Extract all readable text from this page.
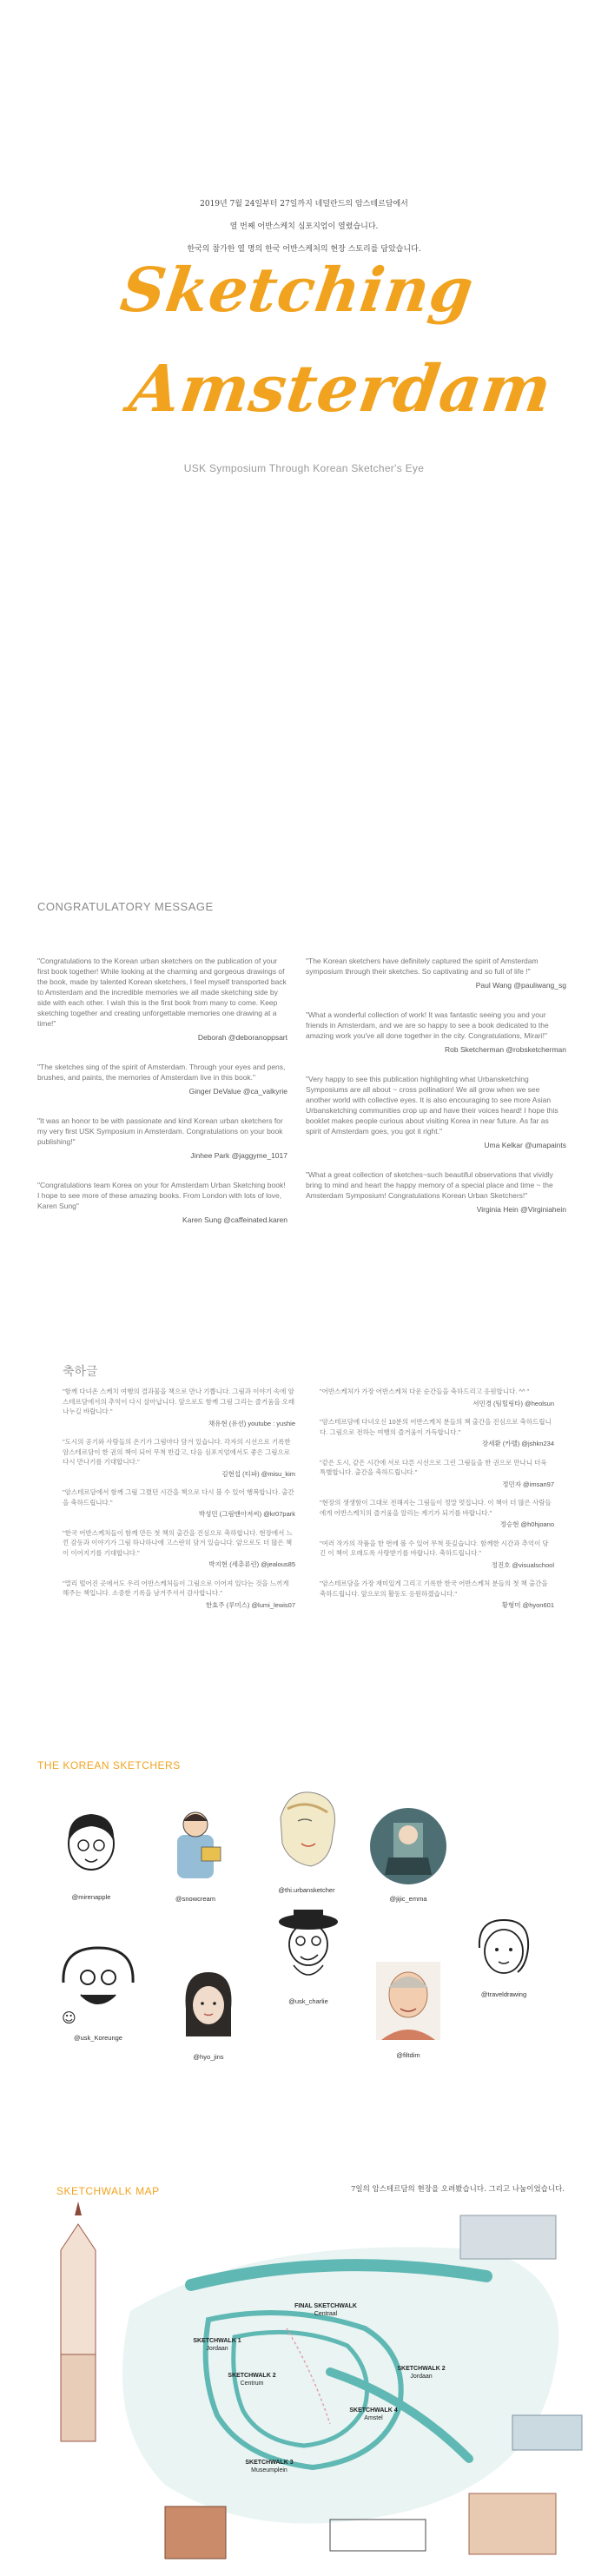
2019년 7월 24일부터 27일까지 네덜란드의 암스테르담에서
열 번째 어반스케치 심포지엄이 열렸습니다.
한국의 참가한 열 명의 한국 어반스케처의 현장 스토리를 담았습니다.
Sketching
Amsterdam
USK Symposium Through Korean Sketcher's Eye
CONGRATULATORY MESSAGE

"Congratulations to the Korean urban sketchers on the publication of your first book together! While looking at the charming and gorgeous drawings of the book, made by talented Korean sketchers, I feel myself transported back to Amsterdam and the incredible memories we all made sketching side by side with each other. I wish this is the first book from many to come. Keep sketching together and creating unforgettable memories one drawing at a time!"

Deborah @deboranoppsart

"The sketches sing of the spirit of Amsterdam. Through your eyes and pens, brushes, and paints, the memories of Amsterdam live in this book."

Ginger DeValue @ca_valkyrie

"It was an honor to be with passionate and kind Korean urban sketchers for my very first USK Symposium in Amsterdam. Congratulations on your book publishing!"

Jinhee Park @jaggyme_1017

"Congratulations team Korea on your for Amsterdam Urban Sketching book! I hope to see more of these amazing books. From London with lots of love, Karen Sung"

Karen Sung @caffeinated.karen

"The Korean sketchers have definitely captured the spirit of Amsterdam symposium through their sketches. So captivating and so full of life !"

Paul Wang @pauliwang_sg

"What a wonderful collection of work! It was fantastic seeing you and your friends in Amsterdam, and we are so happy to see a book dedicated to the amazing work you've all done together in the city. Congratulations, Mirari!"

Rob Sketcherman @robsketcherman

"Very happy to see this publication highlighting what Urbansketching Symposiums are all about ~ cross pollination! We all grow when we see another world with collective eyes. It is also encouraging to see more Asian Urbansketching communities crop up and have their voices heard! I hope this booklet makes people curious about visiting Korea in near future. As far as spirit of Amsterdam goes, you got it right."

Uma Kelkar @umapaints

"What a great collection of sketches~such beautiful observations that vividly bring to mind and heart the happy memory of a special place and time ~ the Amsterdam Symposium! Congratulations Korean Urban Sketchers!"

Virginia Hein @Virginiahein
축하글

"함께 다녀온 스케치 여행의 결과물을 책으로 만나 기쁩니다. 그림과 이야기 속에 암스테르담에서의 추억이 다시 살아납니다. 앞으로도 함께 그림 그리는 즐거움을 오래 나누길 바랍니다."

채유현 (유션) youtube : yushie

"도시의 공기와 사람들의 온기가 그림마다 담겨 있습니다. 각자의 시선으로 기록한 암스테르담이 한 권의 책이 되어 무척 반갑고, 다음 심포지엄에서도 좋은 그림으로 다시 만나기를 기대합니다."

김현섭 (티파) @misu_kim

"암스테르담에서 함께 그림 그렸던 시간을 책으로 다시 볼 수 있어 행복합니다. 출간을 축하드립니다."

박성민 (그림맨아저씨) @kr07park

"한국 어반스케처들이 함께 만든 첫 책의 출간을 진심으로 축하합니다. 현장에서 느낀 감동과 이야기가 그림 하나하나에 고스란히 담겨 있습니다. 앞으로도 더 많은 책이 이어지기를 기대합니다."

박지현 (세츄류린) @jealous85

"멀리 떨어진 곳에서도 우리 어반스케처들이 그림으로 이어져 있다는 것을 느끼게 해주는 책입니다. 소중한 기록을 남겨주셔서 감사합니다."

한효주 (루미스) @lumi_lewis07

"어반스케처가 가장 어반스케처 다운 순간들을 축하드리고 응원합니다. ^^ "

서민경 (팀힐링타) @heolsun

"암스테르담에 다녀오신 10분의 어반스케처 분들의 책 출간을 진심으로 축하드립니다. 그림으로 전하는 여행의 즐거움이 가득합니다."

장세환 (카멜) @jshkn234

"같은 도시, 같은 시간에 서로 다른 시선으로 그린 그림들을 한 권으로 만나니 더욱 특별합니다. 출간을 축하드립니다."

정민자 @imsan97

"현장의 생생함이 그대로 전해지는 그림들이 정말 멋집니다. 이 책이 더 많은 사람들에게 어반스케치의 즐거움을 알리는 계기가 되기를 바랍니다."

정승현 @h0hjoano

"여러 작가의 작품을 한 번에 볼 수 있어 무척 뜻깊습니다. 함께한 시간과 추억이 담긴 이 책이 오래도록 사랑받기를 바랍니다. 축하드립니다."

정진호 @visualschool

"암스테르담을 가장 재미있게 그리고 기록한 한국 어반스케처 분들의 첫 책 출간을 축하드립니다. 앞으로의 활동도 응원하겠습니다."

황형미 @hyon601
THE KOREAN SKETCHERS
@mirenapple	@snowcream
@thi.urbansketcher
@jijic_emma
@traveldrawing
@usk_charlie
☺
@usk_Koreunge
@hyo_jins	@filtdim
SKETCHWALK MAP	7일의 암스테르담의 현장을 오려봤습니다. 그리고 나눔이었습니다.
SKETCHWALK 1
Jordaan
FINAL SKETCHWALK
Centraal
SKETCHWALK 2
Centrum
SKETCHWALK 2
Jordaan
SKETCHWALK 4
Amstel
SKETCHWALK 3
Museumplein
